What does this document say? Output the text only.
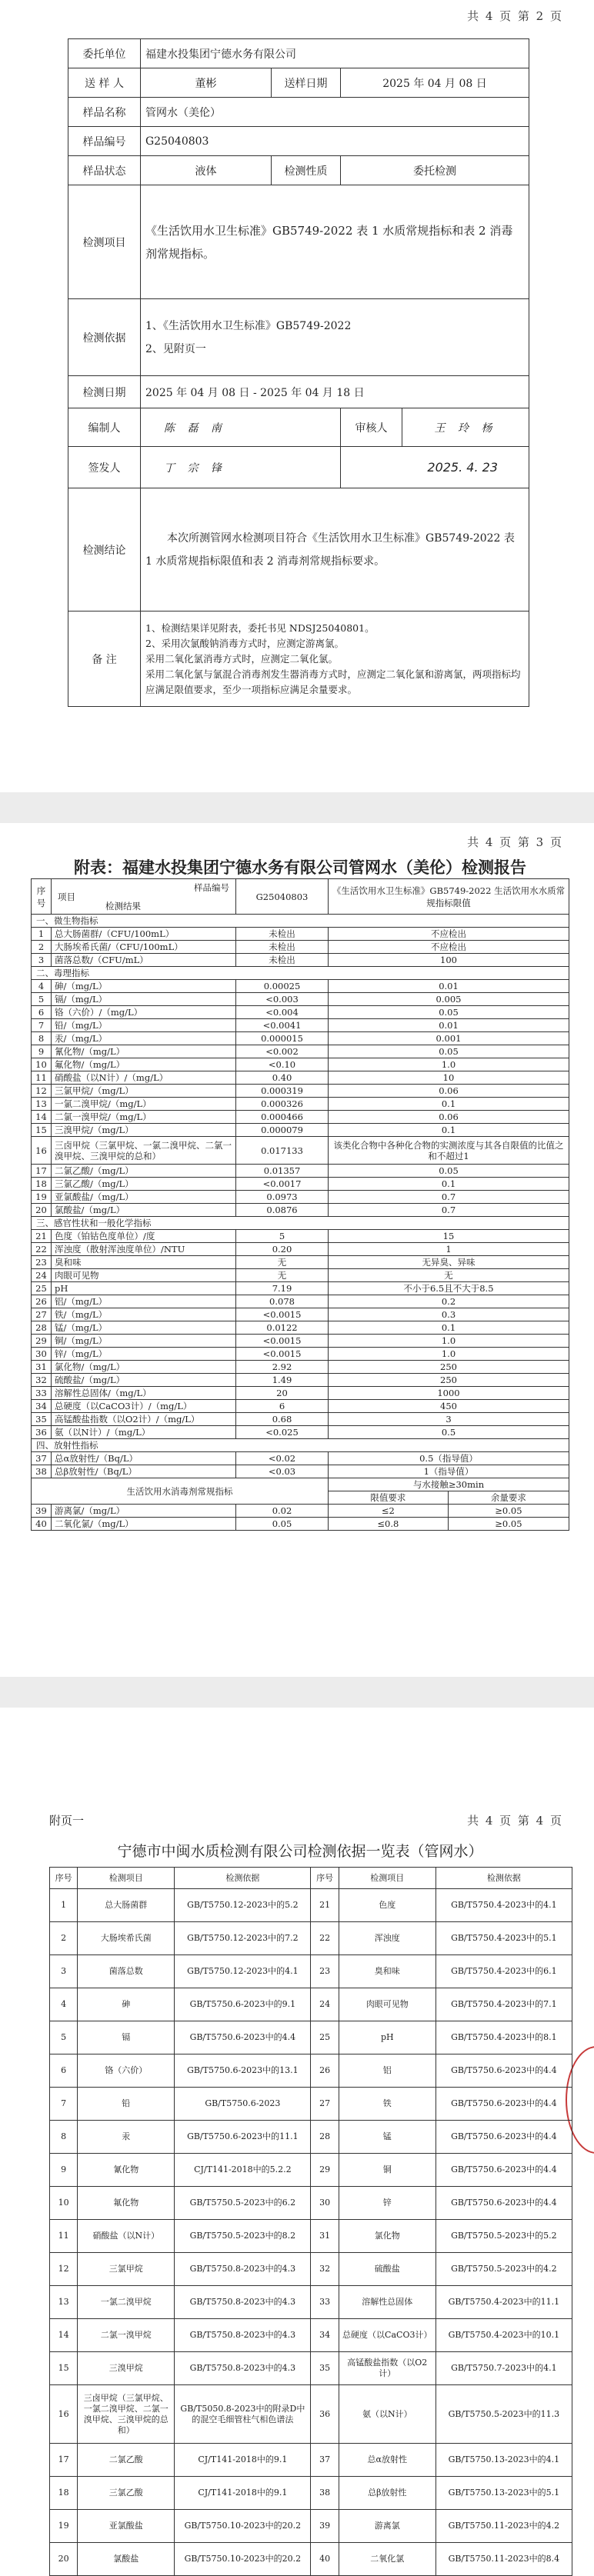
共 4 页 第 2 页
委托单位	福建水投集团宁德水务有限公司			
送 样 人	董彬	送样日期	2025 年 04 月 08 日	
样品名称	管网水（美伦）			
样品编号	G25040803			
样品状态	液体	检测性质	委托检测	
检测项目	《生活饮用水卫生标准》GB5749-2022 表 1 水质常规指标和表 2 消毒剂常规指标。			
检测依据	1、《生活饮用水卫生标准》GB5749-2022
2、见附页一			

检测日期	2025 年 04 月 08 日 - 2025 年 04 月 18 日			
编制人	陈 磊 南		审核人	王 玲 杨
签发人	丁 宗 锋		2025. 4. 23	
检测结论	本次所测管网水检测项目符合《生活饮用水卫生标准》GB5749-2022 表 1 水质常规指标限值和表 2 消毒剂常规指标要求。			
备 注	1、检测结果详见附表，委托书见 NDSJ25040801。
2、采用次氯酸钠消毒方式时，应测定游离氯。
采用二氧化氯消毒方式时，应测定二氧化氯。
采用二氧化氯与氯混合消毒剂发生器消毒方式时，应测定二氧化氯和游离氯，两项指标均应满足限值要求，至少一项指标应满足余量要求。			
共 4 页 第 3 页
附表：福建水投集团宁德水务有限公司管网水（美伦）检测报告
序号	样品编号
项目
检测结果	G25040803	《生活饮用水卫生标准》GB5749-2022 生活饮用水水质常规指标限值	
一、微生物指标				
1	总大肠菌群/（CFU/100mL）	未检出	不应检出	
2	大肠埃希氏菌/（CFU/100mL）	未检出	不应检出	
3	菌落总数/（CFU/mL）	未检出	100	
二、毒理指标				
4	砷/（mg/L）	0.00025	0.01	
5	镉/（mg/L）	<0.003	0.005	
6	铬（六价）/（mg/L）	<0.004	0.05	
7	铅/（mg/L）	<0.0041	0.01	
8	汞/（mg/L）	0.000015	0.001	
9	氰化物/（mg/L）	<0.002	0.05	
10	氟化物/（mg/L）	<0.10	1.0	
11	硝酸盐（以N计）/（mg/L）	0.40	10	
12	三氯甲烷/（mg/L）	0.000319	0.06	
13	一氯二溴甲烷/（mg/L）	0.000326	0.1	
14	二氯一溴甲烷/（mg/L）	0.000466	0.06	
15	三溴甲烷/（mg/L）	0.000079	0.1	
16	三卤甲烷（三氯甲烷、一氯二溴甲烷、二氯一溴甲烷、三溴甲烷的总和）	0.017133	该类化合物中各种化合物的实测浓度与其各自限值的比值之和不超过1	
17	二氯乙酸/（mg/L）	0.01357	0.05	
18	三氯乙酸/（mg/L）	<0.0017	0.1	
19	亚氯酸盐/（mg/L）	0.0973	0.7	
20	氯酸盐/（mg/L）	0.0876	0.7	
三、感官性状和一般化学指标				
21	色度（铂钴色度单位）/度	5	15	
22	浑浊度（散射浑浊度单位）/NTU	0.20	1	
23	臭和味	无	无异臭、异味	
24	肉眼可见物	无	无	
25	pH	7.19	不小于6.5且不大于8.5	
26	铝/（mg/L）	0.078	0.2	
27	铁/（mg/L）	<0.0015	0.3	
28	锰/（mg/L）	0.0122	0.1	
29	铜/（mg/L）	<0.0015	1.0	
30	锌/（mg/L）	<0.0015	1.0	
31	氯化物/（mg/L）	2.92	250	
32	硫酸盐/（mg/L）	1.49	250	
33	溶解性总固体/（mg/L）	20	1000	
34	总硬度（以CaCO3计）/（mg/L）	6	450	
35	高锰酸盐指数（以O2计）/（mg/L）	0.68	3	
36	氨（以N计）/（mg/L）	<0.025	0.5	
四、放射性指标				
37	总α放射性/（Bq/L）	<0.02	0.5（指导值）	
38	总β放射性/（Bq/L）	<0.03	1（指导值）	
生活饮用水消毒剂常规指标			与水接触≥30min	
			限值要求	余量要求
39	游离氯/（mg/L）	0.02	≤2	≥0.05
40	二氧化氯/（mg/L）	0.05	≤0.8	≥0.05
附页一	共 4 页 第 4 页
宁德市中闽水质检测有限公司检测依据一览表（管网水）
序号	检测项目	检测依据	序号	检测项目	检测依据
1	总大肠菌群	GB/T5750.12-2023中的5.2	21	色度	GB/T5750.4-2023中的4.1
2	大肠埃希氏菌	GB/T5750.12-2023中的7.2	22	浑浊度	GB/T5750.4-2023中的5.1
3	菌落总数	GB/T5750.12-2023中的4.1	23	臭和味	GB/T5750.4-2023中的6.1
4	砷	GB/T5750.6-2023中的9.1	24	肉眼可见物	GB/T5750.4-2023中的7.1
5	镉	GB/T5750.6-2023中的4.4	25	pH	GB/T5750.4-2023中的8.1
6	铬（六价）	GB/T5750.6-2023中的13.1	26	铝	GB/T5750.6-2023中的4.4
7	铅	GB/T5750.6-2023	27	铁	GB/T5750.6-2023中的4.4
8	汞	GB/T5750.6-2023中的11.1	28	锰	GB/T5750.6-2023中的4.4
9	氰化物	CJ/T141-2018中的5.2.2	29	铜	GB/T5750.6-2023中的4.4
10	氟化物	GB/T5750.5-2023中的6.2	30	锌	GB/T5750.6-2023中的4.4
11	硝酸盐（以N计）	GB/T5750.5-2023中的8.2	31	氯化物	GB/T5750.5-2023中的5.2
12	三氯甲烷	GB/T5750.8-2023中的4.3	32	硫酸盐	GB/T5750.5-2023中的4.2
13	一氯二溴甲烷	GB/T5750.8-2023中的4.3	33	溶解性总固体	GB/T5750.4-2023中的11.1
14	二氯一溴甲烷	GB/T5750.8-2023中的4.3	34	总硬度（以CaCO3计）	GB/T5750.4-2023中的10.1
15	三溴甲烷	GB/T5750.8-2023中的4.3	35	高锰酸盐指数（以O2计）	GB/T5750.7-2023中的4.1
16	三卤甲烷（三氯甲烷、一氯二溴甲烷、二氯一溴甲烷、三溴甲烷的总和）	GB/T5050.8-2023中的附录D中的混空毛细管柱气相色谱法	36	氨（以N计）	GB/T5750.5-2023中的11.3
17	二氯乙酸	CJ/T141-2018中的9.1	37	总α放射性	GB/T5750.13-2023中的4.1
18	三氯乙酸	CJ/T141-2018中的9.1	38	总β放射性	GB/T5750.13-2023中的5.1
19	亚氯酸盐	GB/T5750.10-2023中的20.2	39	游离氯	GB/T5750.11-2023中的4.2
20	氯酸盐	GB/T5750.10-2023中的20.2	40	二氧化氯	GB/T5750.11-2023中的8.4
